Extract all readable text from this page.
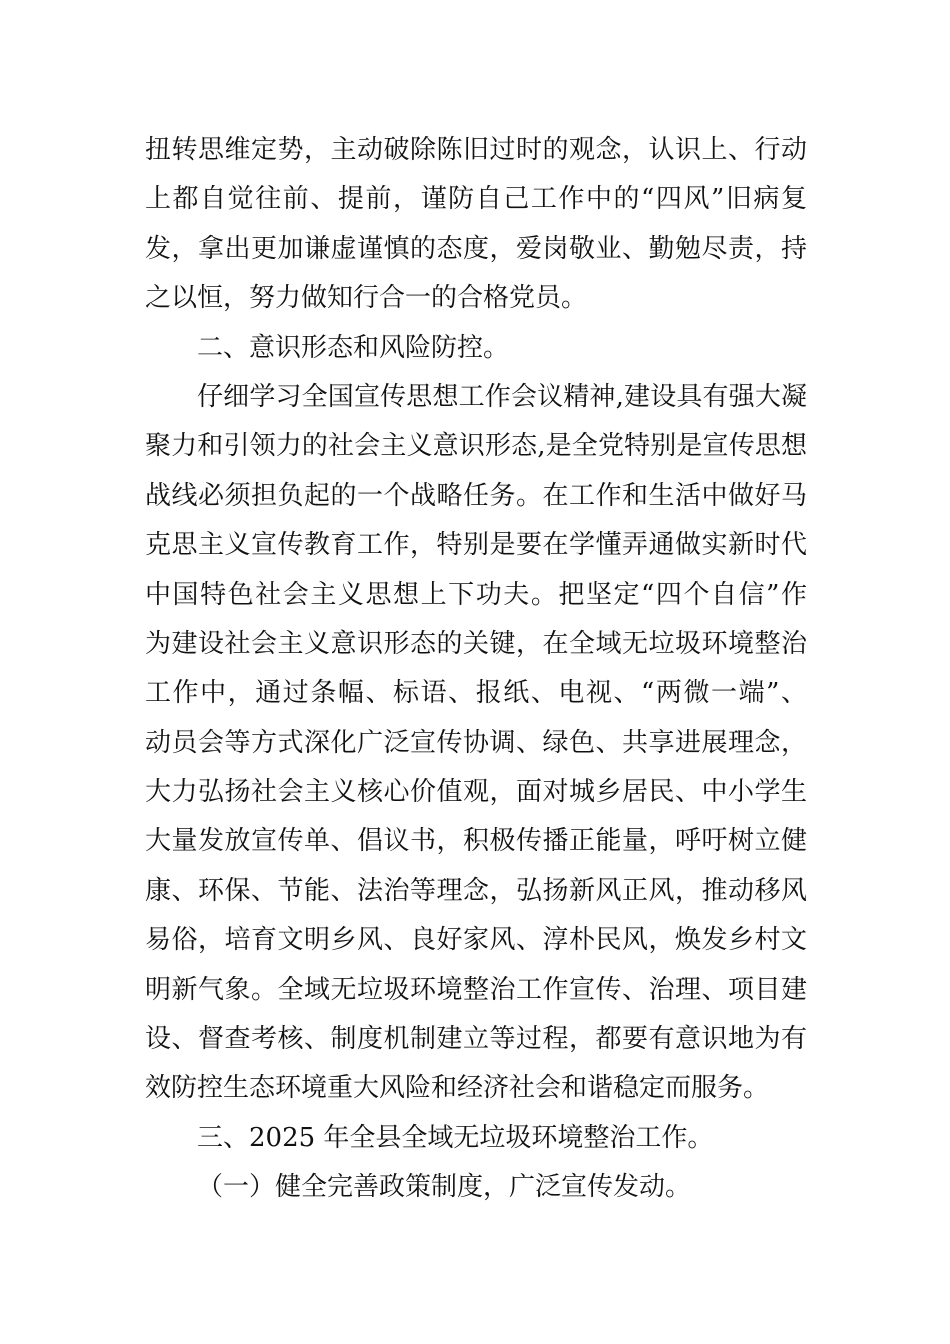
扭转思维定势，主动破除陈旧过时的观念，认识上、行动
上都自觉往前、提前，谨防自己工作中的“四风”旧病复
发，拿出更加谦虚谨慎的态度，爱岗敬业、勤勉尽责，持
之以恒，努力做知行合一的合格党员。
二、意识形态和风险防控。
仔细学习全国宣传思想工作会议精神,建设具有强大凝
聚力和引领力的社会主义意识形态,是全党特别是宣传思想
战线必须担负起的一个战略任务。在工作和生活中做好马
克思主义宣传教育工作，特别是要在学懂弄通做实新时代
中国特色社会主义思想上下功夫。把坚定“四个自信”作
为建设社会主义意识形态的关键，在全域无垃圾环境整治
工作中，通过条幅、标语、报纸、电视、“两微一端”、
动员会等方式深化广泛宣传协调、绿色、共享进展理念，
大力弘扬社会主义核心价值观，面对城乡居民、中小学生
大量发放宣传单、倡议书，积极传播正能量，呼吁树立健
康、环保、节能、法治等理念，弘扬新风正风，推动移风
易俗，培育文明乡风、良好家风、淳朴民风，焕发乡村文
明新气象。全域无垃圾环境整治工作宣传、治理、项目建
设、督查考核、制度机制建立等过程，都要有意识地为有
效防控生态环境重大风险和经济社会和谐稳定而服务。
三、2025 年全县全域无垃圾环境整治工作。
（一）健全完善政策制度，广泛宣传发动。
